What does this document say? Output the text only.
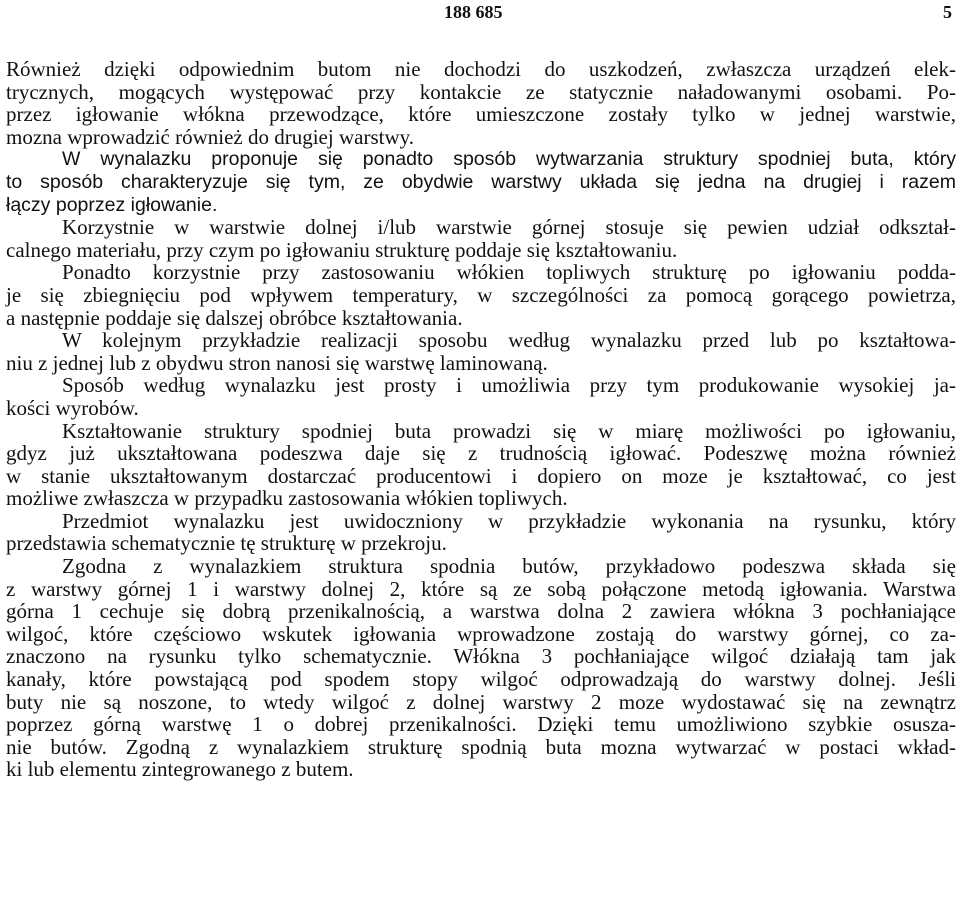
188 685	5
Również dzięki odpowiednim butom nie dochodzi do uszkodzeń, zwłaszcza urządzeń elek-
trycznych, mogących występować przy kontakcie ze statycznie naładowanymi osobami. Po-
przez igłowanie włókna przewodzące, które umieszczone zostały tylko w jednej warstwie,
mozna wprowadzić również do drugiej warstwy.
W wynalazku proponuje się ponadto sposób wytwarzania struktury spodniej buta, który
to sposób charakteryzuje się tym, ze obydwie warstwy układa się jedna na drugiej i razem
łączy poprzez igłowanie.
Korzystnie w warstwie dolnej i/lub warstwie górnej stosuje się pewien udział odkształ-
calnego materiału, przy czym po igłowaniu strukturę poddaje się kształtowaniu.
Ponadto korzystnie przy zastosowaniu włókien topliwych strukturę po igłowaniu podda-
je się zbiegnięciu pod wpływem temperatury, w szczególności za pomocą gorącego powietrza,
a następnie poddaje się dalszej obróbce kształtowania.
W kolejnym przykładzie realizacji sposobu według wynalazku przed lub po kształtowa-
niu z jednej lub z obydwu stron nanosi się warstwę laminowaną.
Sposób według wynalazku jest prosty i umożliwia przy tym produkowanie wysokiej ja-
kości wyrobów.
Kształtowanie struktury spodniej buta prowadzi się w miarę możliwości po igłowaniu,
gdyz już ukształtowana podeszwa daje się z trudnością igłować. Podeszwę można również
w stanie ukształtowanym dostarczać producentowi i dopiero on moze je kształtować, co jest
możliwe zwłaszcza w przypadku zastosowania włókien topliwych.
Przedmiot wynalazku jest uwidoczniony w przykładzie wykonania na rysunku, który
przedstawia schematycznie tę strukturę w przekroju.
Zgodna z wynalazkiem struktura spodnia butów, przykładowo podeszwa składa się
z warstwy górnej 1 i warstwy dolnej 2, które są ze sobą połączone metodą igłowania. Warstwa
górna 1 cechuje się dobrą przenikalnością, a warstwa dolna 2 zawiera włókna 3 pochłaniające
wilgoć, które częściowo wskutek igłowania wprowadzone zostają do warstwy górnej, co za-
znaczono na rysunku tylko schematycznie. Włókna 3 pochłaniające wilgoć działają tam jak
kanały, które powstającą pod spodem stopy wilgoć odprowadzają do warstwy dolnej. Jeśli
buty nie są noszone, to wtedy wilgoć z dolnej warstwy 2 moze wydostawać się na zewnątrz
poprzez górną warstwę 1 o dobrej przenikalności. Dzięki temu umożliwiono szybkie osusza-
nie butów. Zgodną z wynalazkiem strukturę spodnią buta mozna wytwarzać w postaci wkład-
ki lub elementu zintegrowanego z butem.
